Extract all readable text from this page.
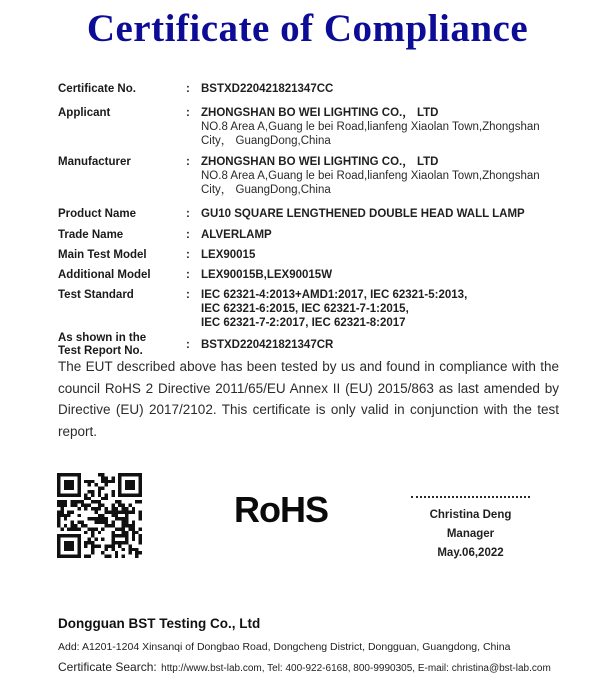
Certificate of Compliance
Certificate No.	: BSTXD220421821347CC
Applicant	: ZHONGSHAN BO WEI LIGHTING CO.， LTD
NO.8 Area A,Guang le bei Road,lianfeng Xiaolan Town,Zhongshan
City， GuangDong,China
Manufacturer	: ZHONGSHAN BO WEI LIGHTING CO.， LTD
NO.8 Area A,Guang le bei Road,lianfeng Xiaolan Town,Zhongshan
City， GuangDong,China
Product Name	: GU10 SQUARE LENGTHENED DOUBLE HEAD WALL LAMP
Trade Name	: ALVERLAMP
Main Test Model	: LEX90015
Additional Model	: LEX90015B,LEX90015W
Test Standard	: IEC 62321-4:2013+AMD1:2017, IEC 62321-5:2013,
IEC 62321-6:2015, IEC 62321-7-1:2015,
IEC 62321-7-2:2017, IEC 62321-8:2017
As shown in the
Test Report No.	: BSTXD220421821347CR

The EUT described above has been tested by us and found in compliance with the council RoHS 2 Directive 2011/65/EU Annex II (EU) 2015/863 as last amended by Directive (EU) 2017/2102. This certificate is only valid in conjunction with the test report.

RoHS	Christina Deng
Manager
May.06,2022
Dongguan BST Testing Co., Ltd
Add: A1201-1204 Xinsanqi of Dongbao Road, Dongcheng District, Dongguan, Guangdong, China
Certificate Search: http://www.bst-lab.com, Tel: 400-922-6168, 800-9990305, E-mail: christina@bst-lab.com
